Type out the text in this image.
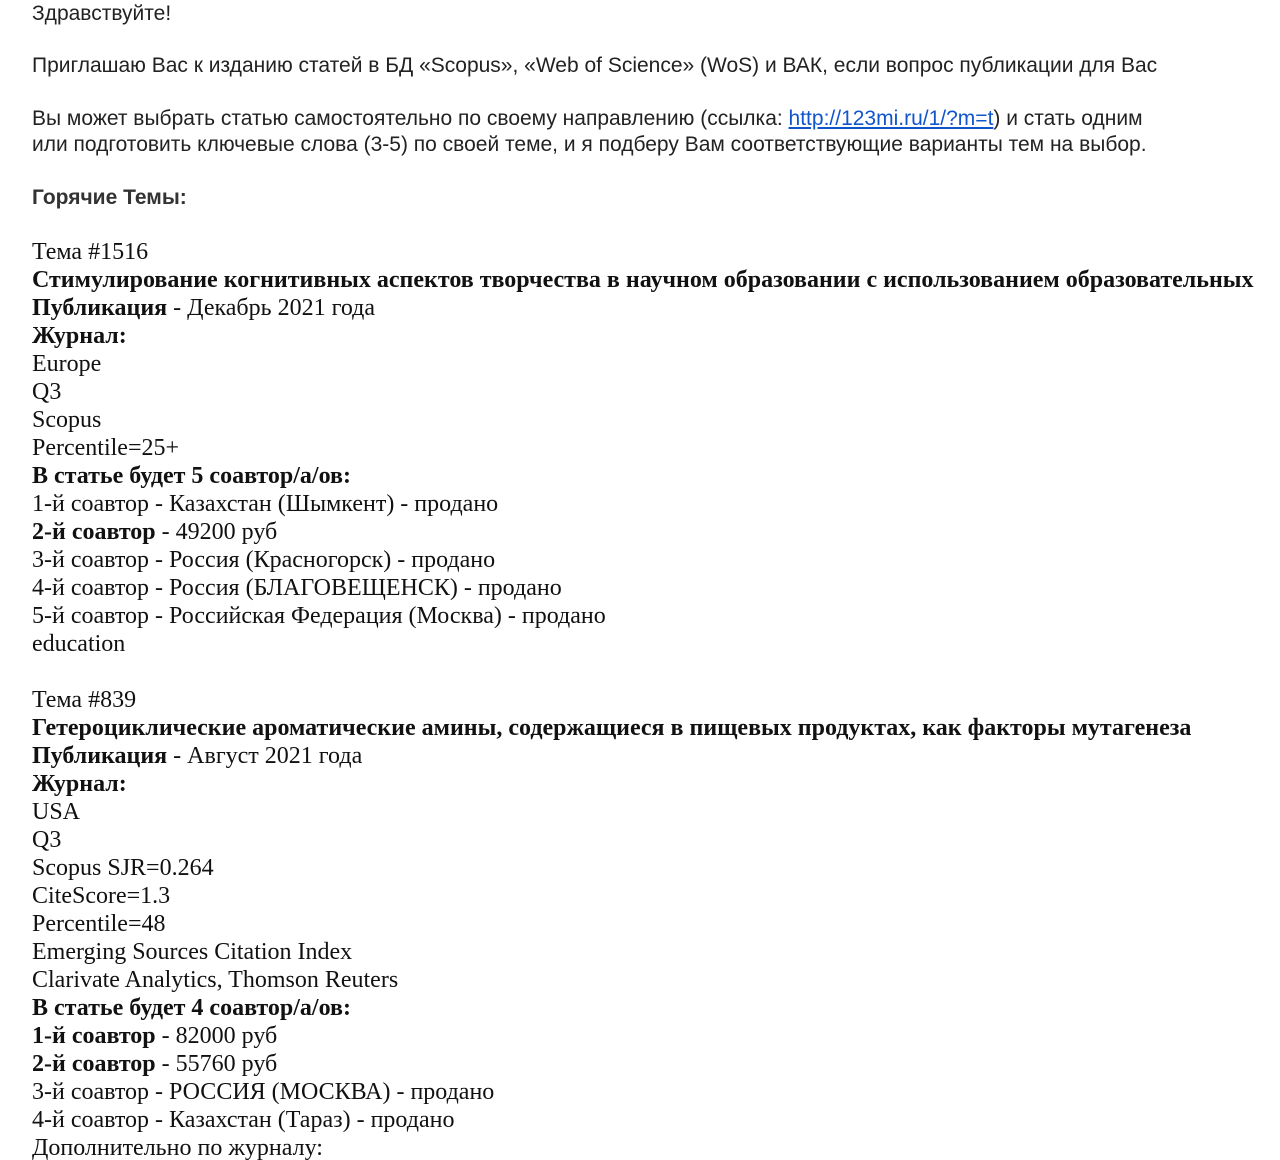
Здравствуйте!
Приглашаю Вас к изданию статей в БД «Scopus», «Web of Science» (WoS) и ВАК, если вопрос публикации для Вас
Вы может выбрать статью самостоятельно по своему направлению (ссылка: http://123mi.ru/1/?m=t) и стать одним
или подготовить ключевые слова (3-5) по своей теме, и я подберу Вам соответствующие варианты тем на выбор.
Горячие Темы:
Тема #1516
Стимулирование когнитивных аспектов творчества в научном образовании с использованием образовательных
Публикация - Декабрь 2021 года
Журнал:
Europe
Q3
Scopus
Percentile=25+
В статье будет 5 соавтор/а/ов:
1-й соавтор - Казахстан (Шымкент) - продано
2-й соавтор - 49200 руб
3-й соавтор - Россия (Красногорск) - продано
4-й соавтор - Россия (БЛАГОВЕЩЕНСК) - продано
5-й соавтор - Российская Федерация (Москва) - продано
education
Тема #839
Гетероциклические ароматические амины, содержащиеся в пищевых продуктах, как факторы мутагенеза
Публикация - Август 2021 года
Журнал:
USA
Q3
Scopus SJR=0.264
CiteScore=1.3
Percentile=48
Emerging Sources Citation Index
Clarivate Analytics, Thomson Reuters
В статье будет 4 соавтор/а/ов:
1-й соавтор - 82000 руб
2-й соавтор - 55760 руб
3-й соавтор - РОССИЯ (МОСКВА) - продано
4-й соавтор - Казахстан (Тараз) - продано
Дополнительно по журналу:
